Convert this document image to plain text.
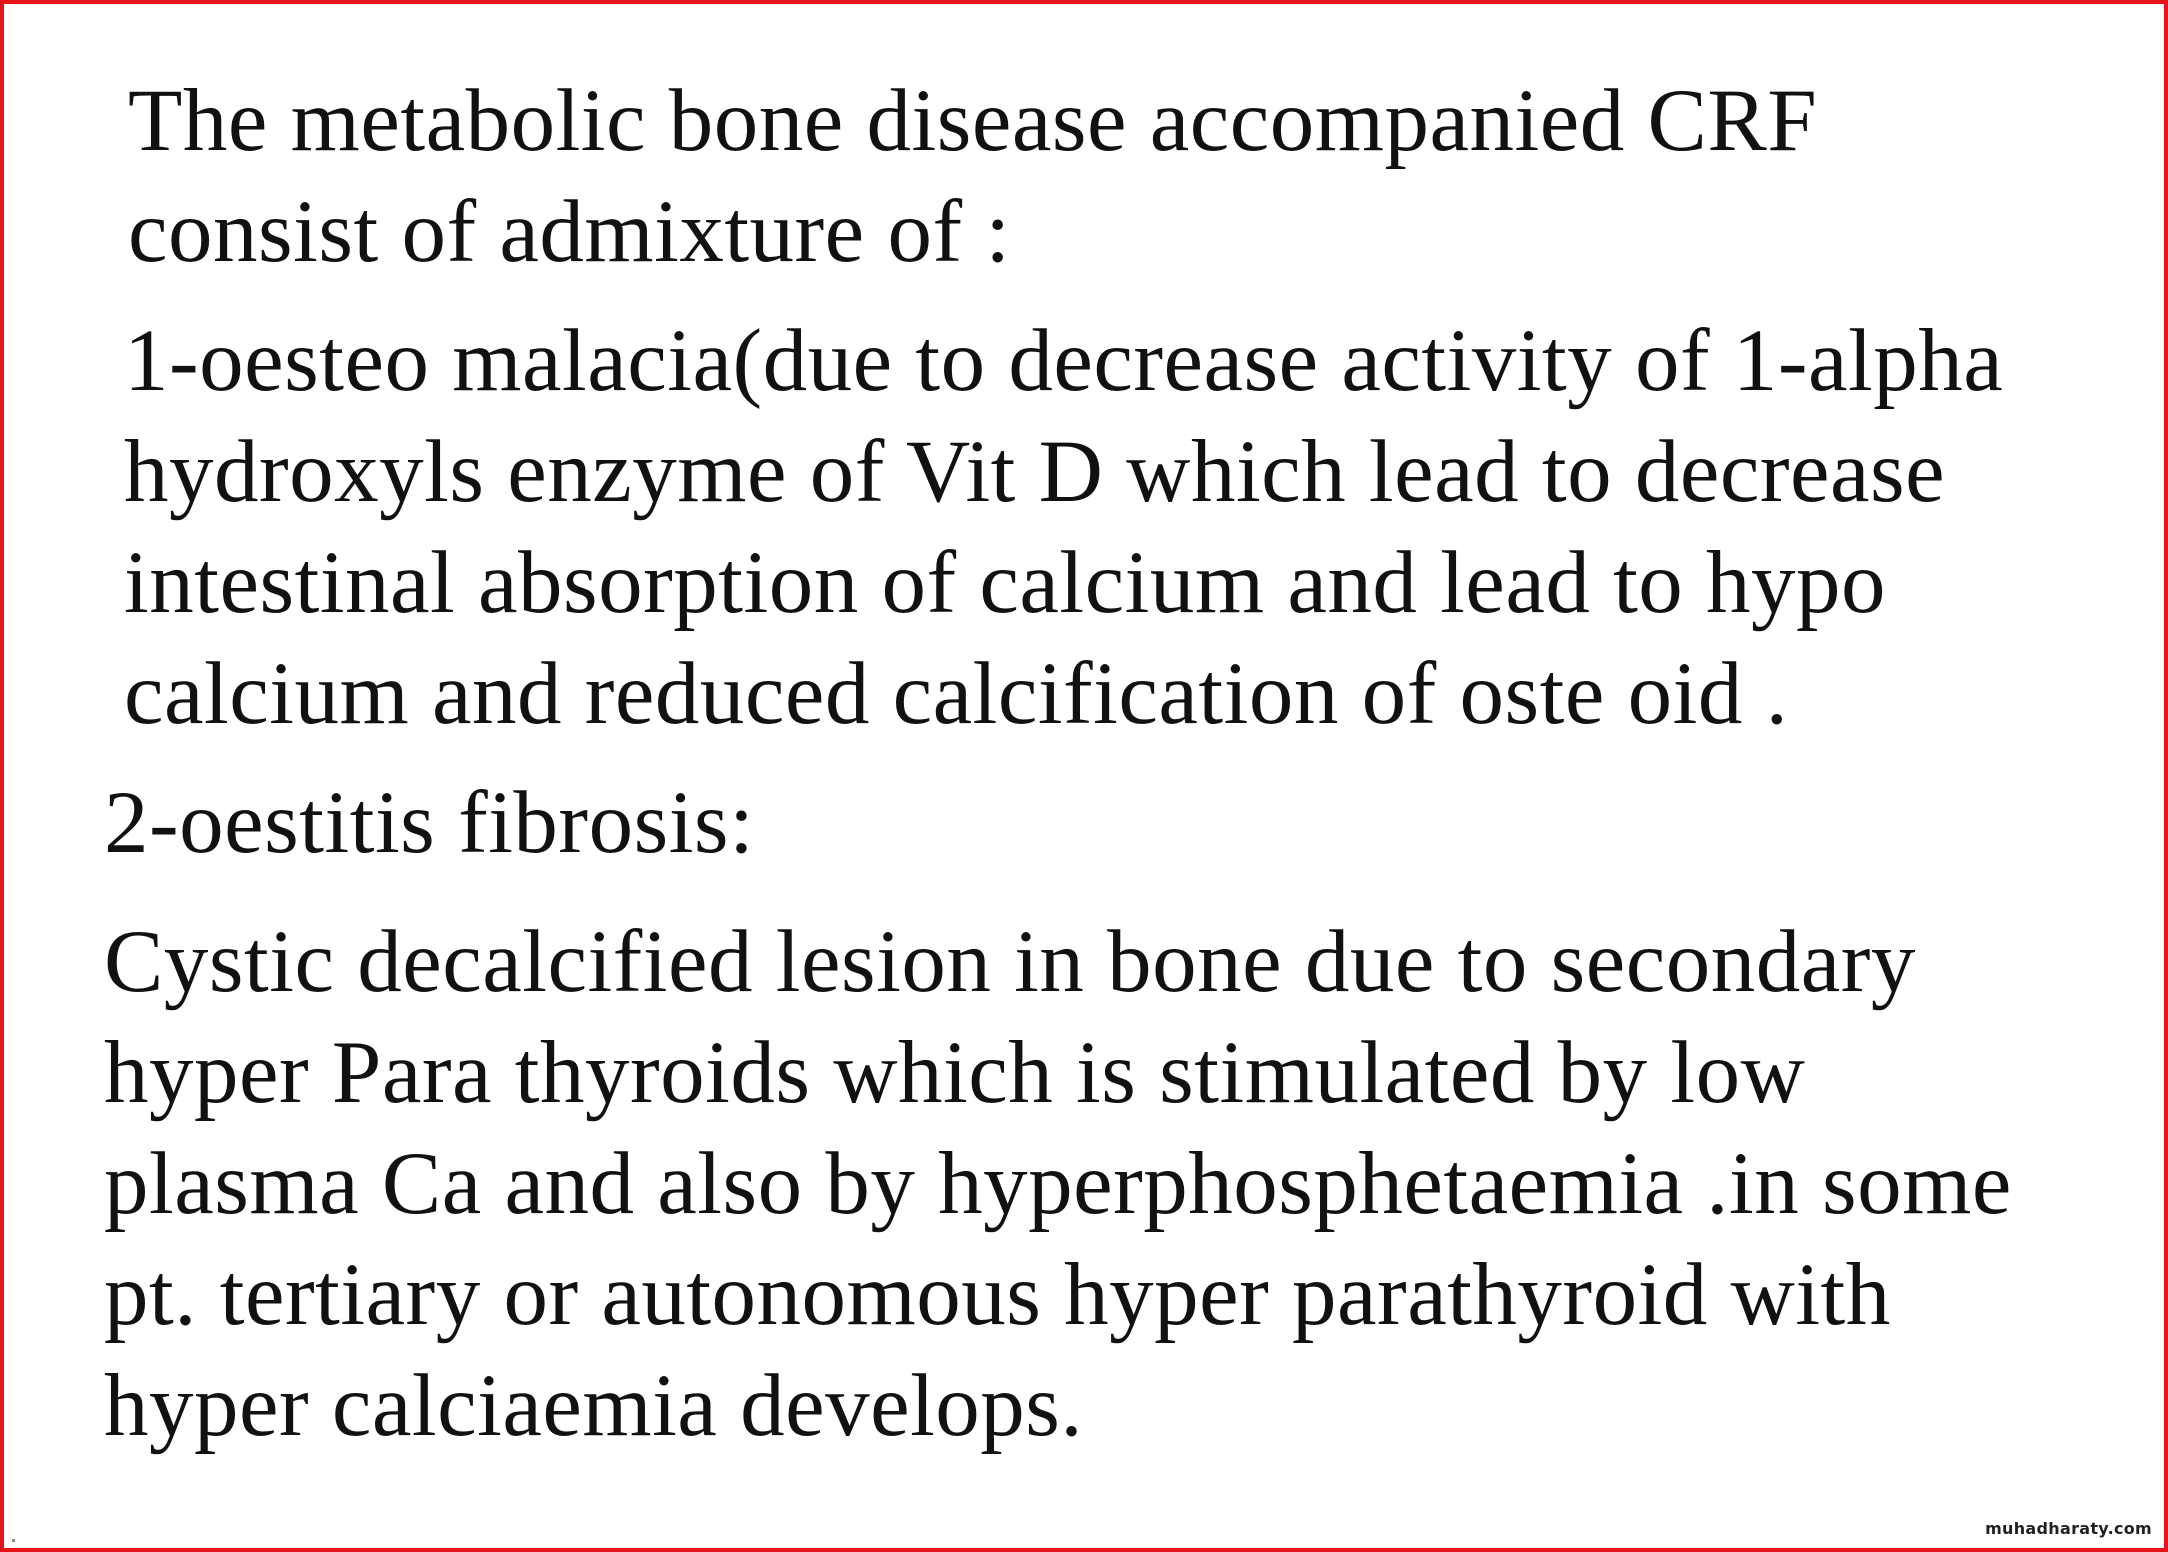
The metabolic bone disease accompanied CRF
consist of admixture of :
1-oesteo malacia(due to decrease activity of 1-alpha
hydroxyls enzyme of Vit D which lead to decrease
intestinal absorption of calcium and lead to hypo
calcium and reduced calcification of oste oid .
2-oestitis fibrosis:
Cystic decalcified lesion in bone due to secondary
hyper Para thyroids which is stimulated by low
plasma Ca and also by hyperphosphetaemia .in some
pt. tertiary or autonomous hyper parathyroid with
hyper calciaemia develops.
muhadharaty.com
